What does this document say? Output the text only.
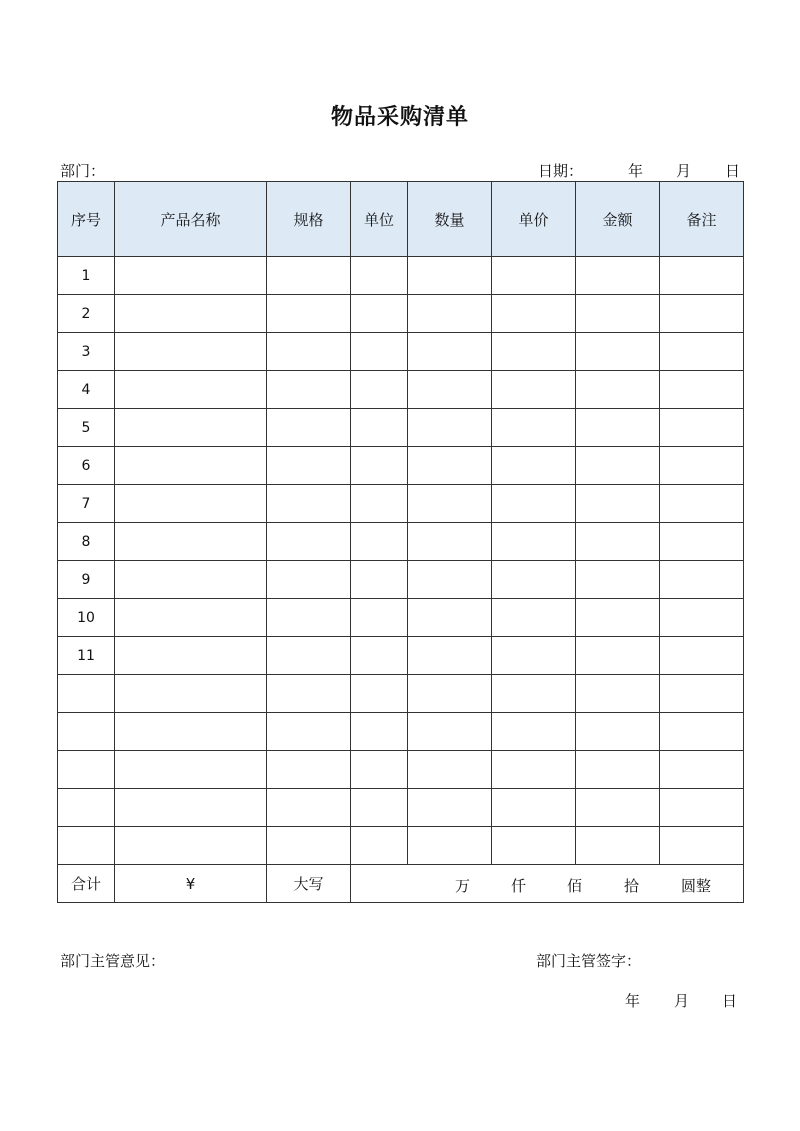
物品采购清单
部门：	日期：	年 月 日
序号	产品名称	规格	单位	数量	单价	金额	备注
1							
2							
3							
4							
5							
6							
7							
8							
9							
10							
11							

合计	¥	大写	万 仟 佰 拾 圆整				
部门主管意见：	部门主管签字：
年 月 日
